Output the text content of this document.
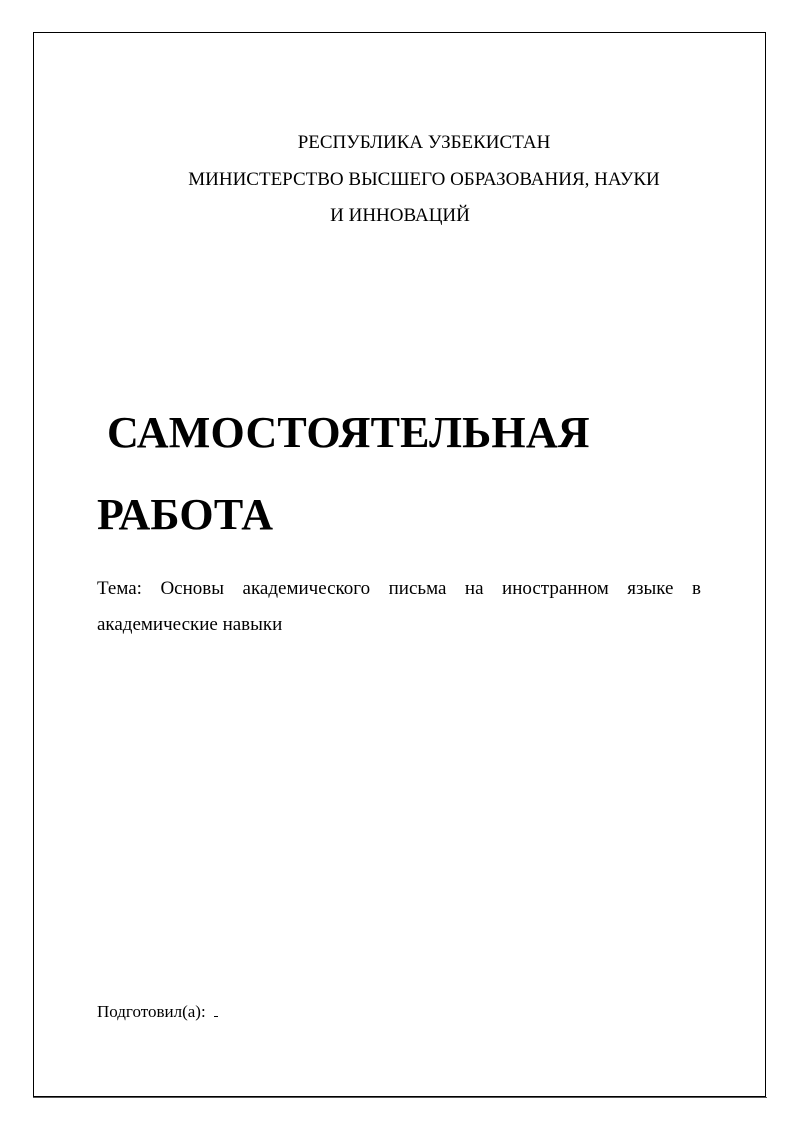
РЕСПУБЛИКА УЗБЕКИСТАН
МИНИСТЕРСТВО ВЫСШЕГО ОБРАЗОВАНИЯ, НАУКИ
И ИННОВАЦИЙ
САМОСТОЯТЕЛЬНАЯ
РАБОТА
Тема: Основы академического письма на иностранном языке в
академические навыки
Подготовил(а):
